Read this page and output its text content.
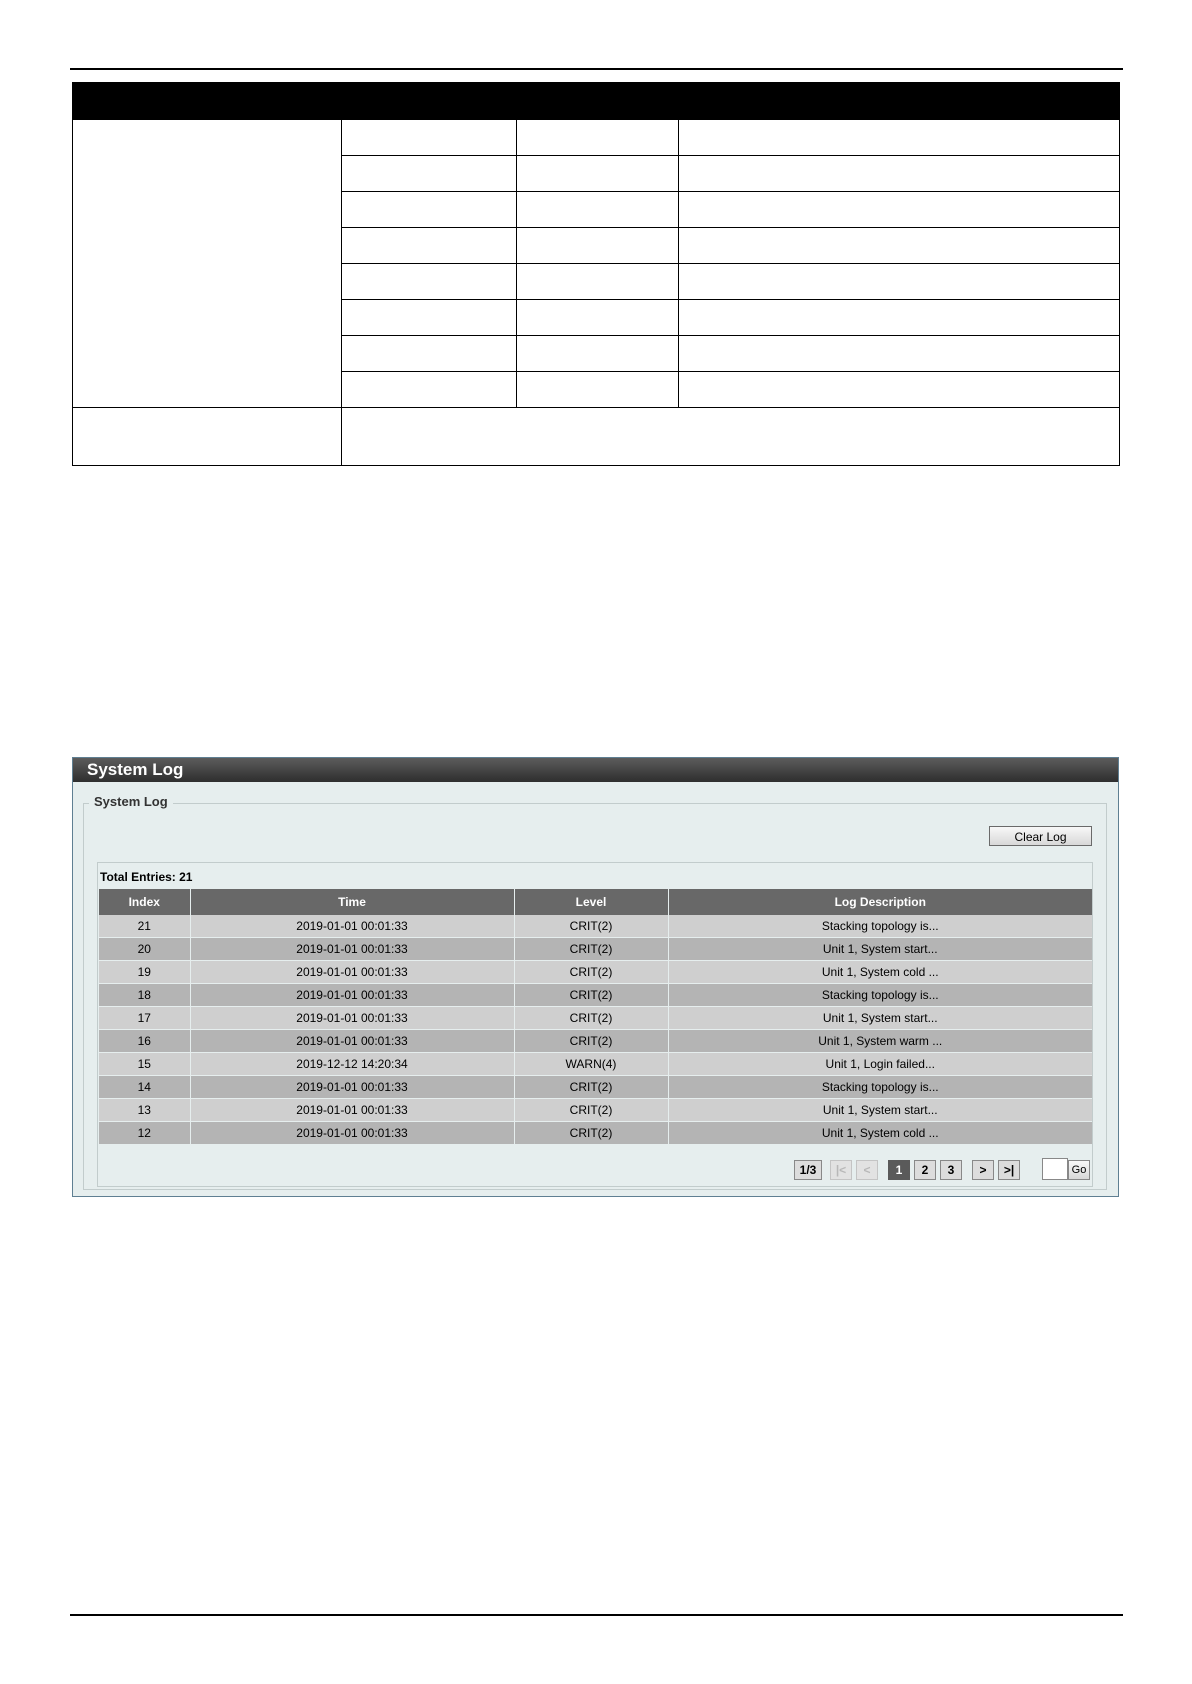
System Log
System Log
Clear Log
Total Entries: 21
Index	Time	Level	Log Description
21	2019-01-01 00:01:33	CRIT(2)	Stacking topology is...
20	2019-01-01 00:01:33	CRIT(2)	Unit 1, System start...
19	2019-01-01 00:01:33	CRIT(2)	Unit 1, System cold ...
18	2019-01-01 00:01:33	CRIT(2)	Stacking topology is...
17	2019-01-01 00:01:33	CRIT(2)	Unit 1, System start...
16	2019-01-01 00:01:33	CRIT(2)	Unit 1, System warm ...
15	2019-12-12 14:20:34	WARN(4)	Unit 1, Login failed...
14	2019-01-01 00:01:33	CRIT(2)	Stacking topology is...
13	2019-01-01 00:01:33	CRIT(2)	Unit 1, System start...
12	2019-01-01 00:01:33	CRIT(2)	Unit 1, System cold ...
1/3	|<	<	1	2	3	>	>|	Go
